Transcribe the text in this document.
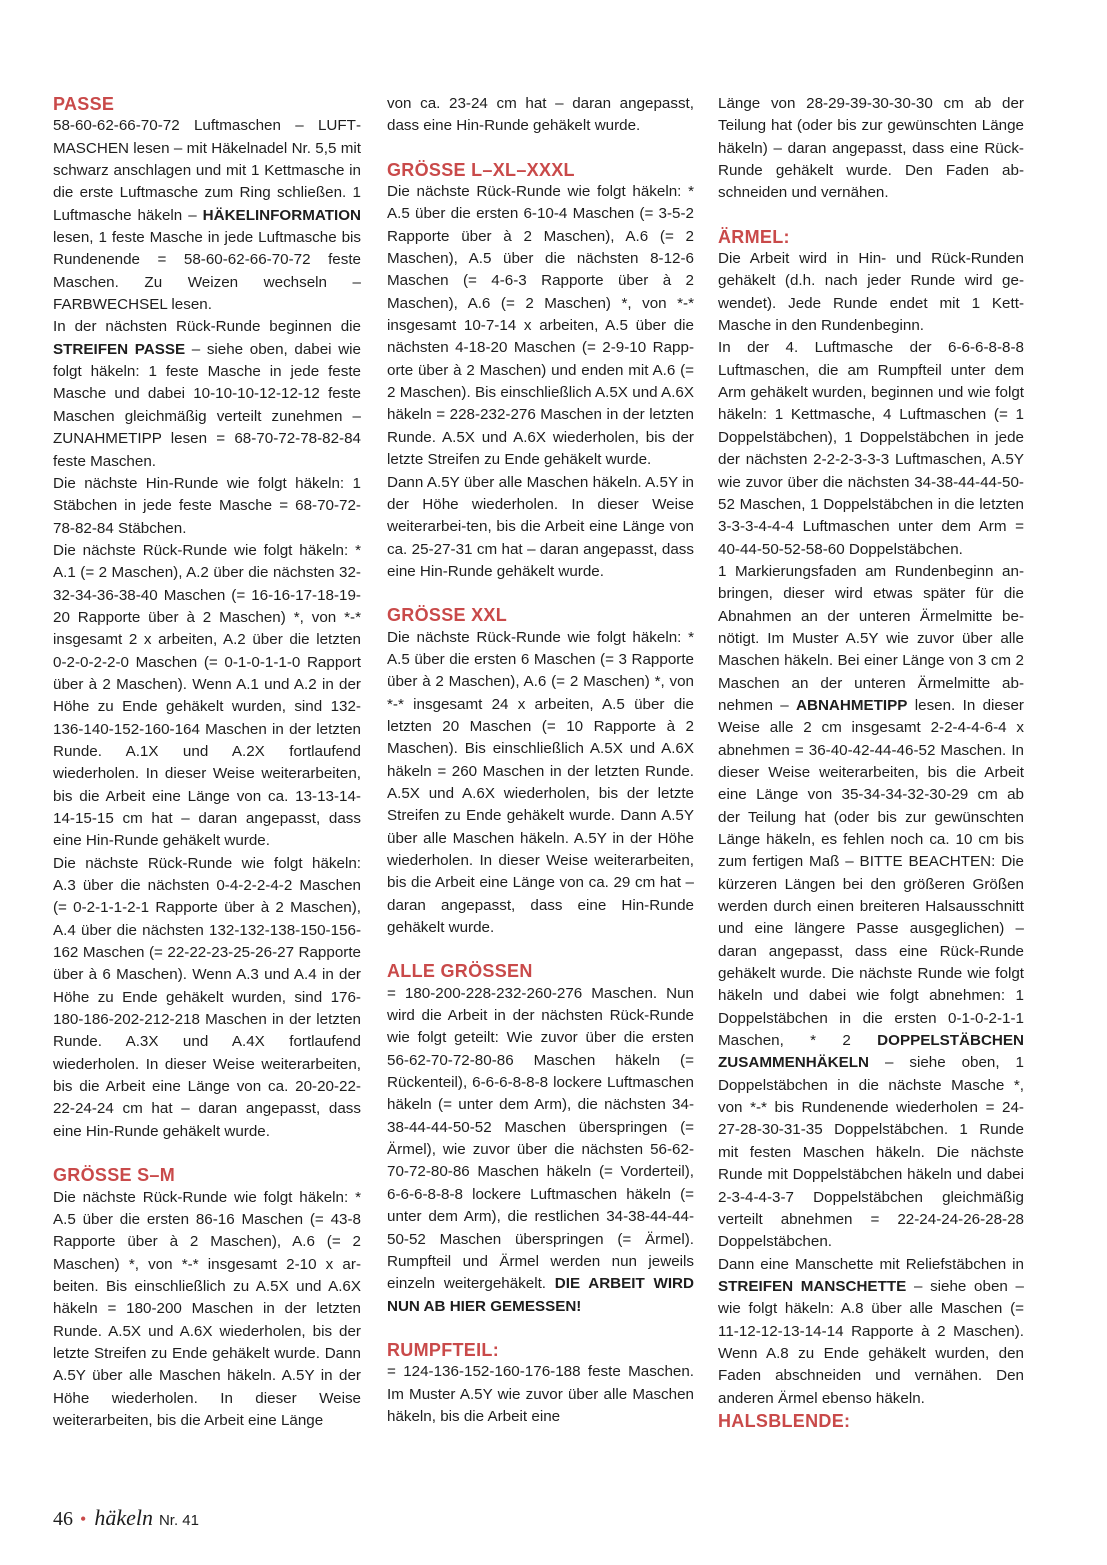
PASSE

58-60-62-66-70-72 Luftmaschen – LUFTMASCHEN lesen – mit Häkelnadel Nr. 5,5 mit schwarz anschlagen und mit 1 Kettmasche in die erste Luftmasche zum Ring schließen. 1 Luftmasche häkeln – HÄKELINFORMATION lesen, 1 feste Masche in jede Luftmasche bis Rundenende = 58-60-62-66-70-72 feste Maschen. Zu Weizen wechseln – FARBWECHSEL lesen.

In der nächsten Rück-Runde beginnen die STREIFEN PASSE – siehe oben, dabei wie folgt häkeln: 1 feste Masche in jede feste Masche und dabei 10-10-10-12-12-12 feste Maschen gleichmäßig verteilt zunehmen – ZUNAHMETIPP lesen = 68-70-72-78-82-84 feste Maschen.

Die nächste Hin-Runde wie folgt häkeln: 1 Stäbchen in jede feste Masche = 68-70-72-78-82-84 Stäbchen.

Die nächste Rück-Runde wie folgt häkeln: * A.1 (= 2 Maschen), A.2 über die nächsten 32-32-34-36-38-40 Maschen (= 16-16-17-18-19-20 Rapporte über à 2 Maschen) *, von *-* insgesamt 2 x arbeiten, A.2 über die letzten 0-2-0-2-2-0 Maschen (= 0-1-0-1-1-0 Rapport über à 2 Maschen). Wenn A.1 und A.2 in der Höhe zu Ende gehäkelt wurden, sind 132-136-140-152-160-164 Maschen in der letzten Runde. A.1X und A.2X fortlaufend wiederholen. In dieser Weise weiterarbeiten, bis die Arbeit eine Länge von ca. 13-13-14-14-15-15 cm hat – daran angepasst, dass eine Hin-Runde gehäkelt wurde.

Die nächste Rück-Runde wie folgt häkeln: A.3 über die nächsten 0-4-2-2-4-2 Maschen (= 0-2-1-1-2-1 Rapporte über à 2 Maschen), A.4 über die nächsten 132-132-138-150-156-162 Maschen (= 22-22-23-25-26-27 Rapporte über à 6 Maschen). Wenn A.3 und A.4 in der Höhe zu Ende gehäkelt wurden, sind 176-180-186-202-212-218 Maschen in der letzten Runde. A.3X und A.4X fortlaufend wiederholen. In dieser Weise weiterarbeiten, bis die Arbeit eine Länge von ca. 20-20-22-22-24-24 cm hat – daran angepasst, dass eine Hin-Runde gehäkelt wurde.

GRÖSSE S–M

Die nächste Rück-Runde wie folgt häkeln: * A.5 über die ersten 86-16 Maschen (= 43-8 Rapporte über à 2 Maschen), A.6 (= 2 Maschen) *, von *-* insgesamt 2-10 x arbeiten. Bis einschließlich zu A.5X und A.6X häkeln = 180-200 Maschen in der letzten Runde. A.5X und A.6X wiederholen, bis der letzte Streifen zu Ende gehäkelt wurde. Dann A.5Y über alle Maschen häkeln. A.5Y in der Höhe wiederholen. In dieser Weise weiterarbeiten, bis die Arbeit eine Länge

von ca. 23-24 cm hat – daran angepasst, dass eine Hin-Runde gehäkelt wurde.

GRÖSSE L–XL–XXXL

Die nächste Rück-Runde wie folgt häkeln: * A.5 über die ersten 6-10-4 Maschen (= 3-5-2 Rapporte über à 2 Maschen), A.6 (= 2 Maschen), A.5 über die nächsten 8-12-6 Maschen (= 4-6-3 Rapporte über à 2 Maschen), A.6 (= 2 Maschen) *, von *-* insgesamt 10-7-14 x arbeiten, A.5 über die nächsten 4-18-20 Maschen (= 2-9-10 Rapp-orte über à 2 Maschen) und enden mit A.6 (= 2 Maschen). Bis einschließlich A.5X und A.6X häkeln = 228-232-276 Maschen in der letzten Runde. A.5X und A.6X wiederholen, bis der letzte Streifen zu Ende gehäkelt wurde.

Dann A.5Y über alle Maschen häkeln. A.5Y in der Höhe wiederholen. In dieser Weise weiterarbei-ten, bis die Arbeit eine Länge von ca. 25-27-31 cm hat – daran angepasst, dass eine Hin-Runde gehäkelt wurde.

GRÖSSE XXL

Die nächste Rück-Runde wie folgt häkeln: * A.5 über die ersten 6 Maschen (= 3 Rapporte über à 2 Maschen), A.6 (= 2 Maschen) *, von *-* insgesamt 24 x arbeiten, A.5 über die letzten 20 Maschen (= 10 Rapporte à 2 Maschen). Bis einschließlich A.5X und A.6X häkeln = 260 Maschen in der letzten Runde. A.5X und A.6X wiederholen, bis der letzte Streifen zu Ende gehäkelt wurde. Dann A.5Y über alle Maschen häkeln. A.5Y in der Höhe wiederholen. In dieser Weise weiterarbeiten, bis die Arbeit eine Länge von ca. 29 cm hat – daran angepasst, dass eine Hin-Runde gehäkelt wurde.

ALLE GRÖSSEN

= 180-200-228-232-260-276 Maschen. Nun wird die Arbeit in der nächsten Rück-Runde wie folgt geteilt: Wie zuvor über die ersten 56-62-70-72-80-86 Maschen häkeln (= Rückenteil), 6-6-6-8-8-8 lockere Luftmaschen häkeln (= unter dem Arm), die nächsten 34-38-44-44-50-52 Maschen überspringen (= Ärmel), wie zuvor über die nächsten 56-62-70-72-80-86 Maschen häkeln (= Vorderteil), 6-6-6-8-8-8 lockere Luftmaschen häkeln (= unter dem Arm), die restlichen 34-38-44-44-50-52 Maschen überspringen (= Ärmel). Rumpfteil und Ärmel werden nun jeweils einzeln weitergehäkelt. DIE ARBEIT WIRD NUN AB HIER GEMESSEN!

RUMPFTEIL:

= 124-136-152-160-176-188 feste Maschen. Im Muster A.5Y wie zuvor über alle Maschen häkeln, bis die Arbeit eine

Länge von 28-29-39-30-30-30 cm ab der Teilung hat (oder bis zur gewünschten Länge häkeln) – daran angepasst, dass eine Rück-Runde gehäkelt wurde. Den Faden abschneiden und vernähen.

ÄRMEL:

Die Arbeit wird in Hin- und Rück-Runden gehäkelt (d.h. nach jeder Runde wird gewendet). Jede Runde endet mit 1 Kett-Masche in den Rundenbeginn.

In der 4. Luftmasche der 6-6-6-8-8-8 Luftmaschen, die am Rumpfteil unter dem Arm gehäkelt wurden, beginnen und wie folgt häkeln: 1 Kettmasche, 4 Luftmaschen (= 1 Doppelstäbchen), 1 Doppelstäbchen in jede der nächsten 2-2-2-3-3-3 Luftmaschen, A.5Y wie zuvor über die nächsten 34-38-44-44-50-52 Maschen, 1 Doppelstäbchen in die letzten 3-3-3-4-4-4 Luftmaschen unter dem Arm = 40-44-50-52-58-60 Doppelstäbchen.

1 Markierungsfaden am Rundenbeginn anbringen, dieser wird etwas später für die Abnahmen an der unteren Ärmelmitte benötigt. Im Muster A.5Y wie zuvor über alle Maschen häkeln. Bei einer Länge von 3 cm 2 Maschen an der unteren Ärmelmitte abnehmen – ABNAHMETIPP lesen. In dieser Weise alle 2 cm insgesamt 2-2-4-4-6-4 x abnehmen = 36-40-42-44-46-52 Maschen. In dieser Weise weiterarbeiten, bis die Arbeit eine Länge von 35-34-34-32-30-29 cm ab der Teilung hat (oder bis zur gewünschten Länge häkeln, es fehlen noch ca. 10 cm bis zum fertigen Maß – BITTE BEACHTEN: Die kürzeren Längen bei den größeren Größen werden durch einen breiteren Halsausschnitt und eine längere Passe ausgeglichen) – daran angepasst, dass eine Rück-Runde gehäkelt wurde. Die nächste Runde wie folgt häkeln und dabei wie folgt abnehmen: 1 Doppelstäbchen in die ersten 0-1-0-2-1-1 Maschen, * 2 DOPPELSTÄBCHEN ZUSAMMENHÄKELN – siehe oben, 1 Doppelstäbchen in die nächste Masche *, von *-* bis Rundenende wiederholen = 24-27-28-30-31-35 Doppelstäbchen. 1 Runde mit festen Maschen häkeln. Die nächste Runde mit Doppelstäbchen häkeln und dabei 2-3-4-4-3-7 Doppelstäbchen gleichmäßig verteilt abnehmen = 22-24-24-26-28-28 Doppelstäbchen.

Dann eine Manschette mit Reliefstäbchen in STREIFEN MANSCHETTE – siehe oben – wie folgt häkeln: A.8 über alle Maschen (= 11-12-12-13-14-14 Rapporte à 2 Maschen). Wenn A.8 zu Ende gehäkelt wurden, den Faden abschneiden und vernähen. Den anderen Ärmel ebenso häkeln.

HALSBLENDE:
46 • häkeln Nr. 41
